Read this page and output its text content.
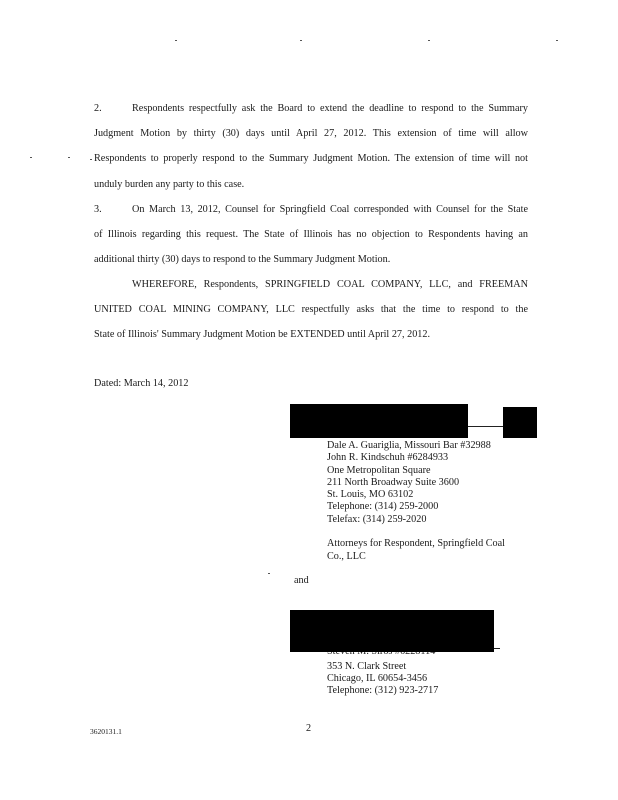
2.	Respondents respectfully ask the Board to extend the deadline to respond to the Summary
Judgment Motion by thirty (30) days until April 27, 2012. This extension of time will allow
Respondents to properly respond to the Summary Judgment Motion. The extension of time will not
unduly burden any party to this case.
3.	On March 13, 2012, Counsel for Springfield Coal corresponded with Counsel for the State
of Illinois regarding this request. The State of Illinois has no objection to Respondents having an
additional thirty (30) days to respond to the Summary Judgment Motion.
WHEREFORE, Respondents, SPRINGFIELD COAL COMPANY, LLC, and FREEMAN
UNITED COAL MINING COMPANY, LLC respectfully asks that the time to respond to the
State of Illinois' Summary Judgment Motion be EXTENDED until April 27, 2012.
Dated: March 14, 2012
Dale A. Guariglia, Missouri Bar #32988
John R. Kindschuh #6284933
One Metropolitan Square
211 North Broadway Suite 3600
St. Louis, MO 63102
Telephone: (314) 259-2000
Telefax: (314) 259-2020
Attorneys for Respondent, Springfield Coal
Co., LLC
and
353 N. Clark Street
Chicago, IL 60654-3456
Telephone: (312) 923-2717
3620131.1	2
